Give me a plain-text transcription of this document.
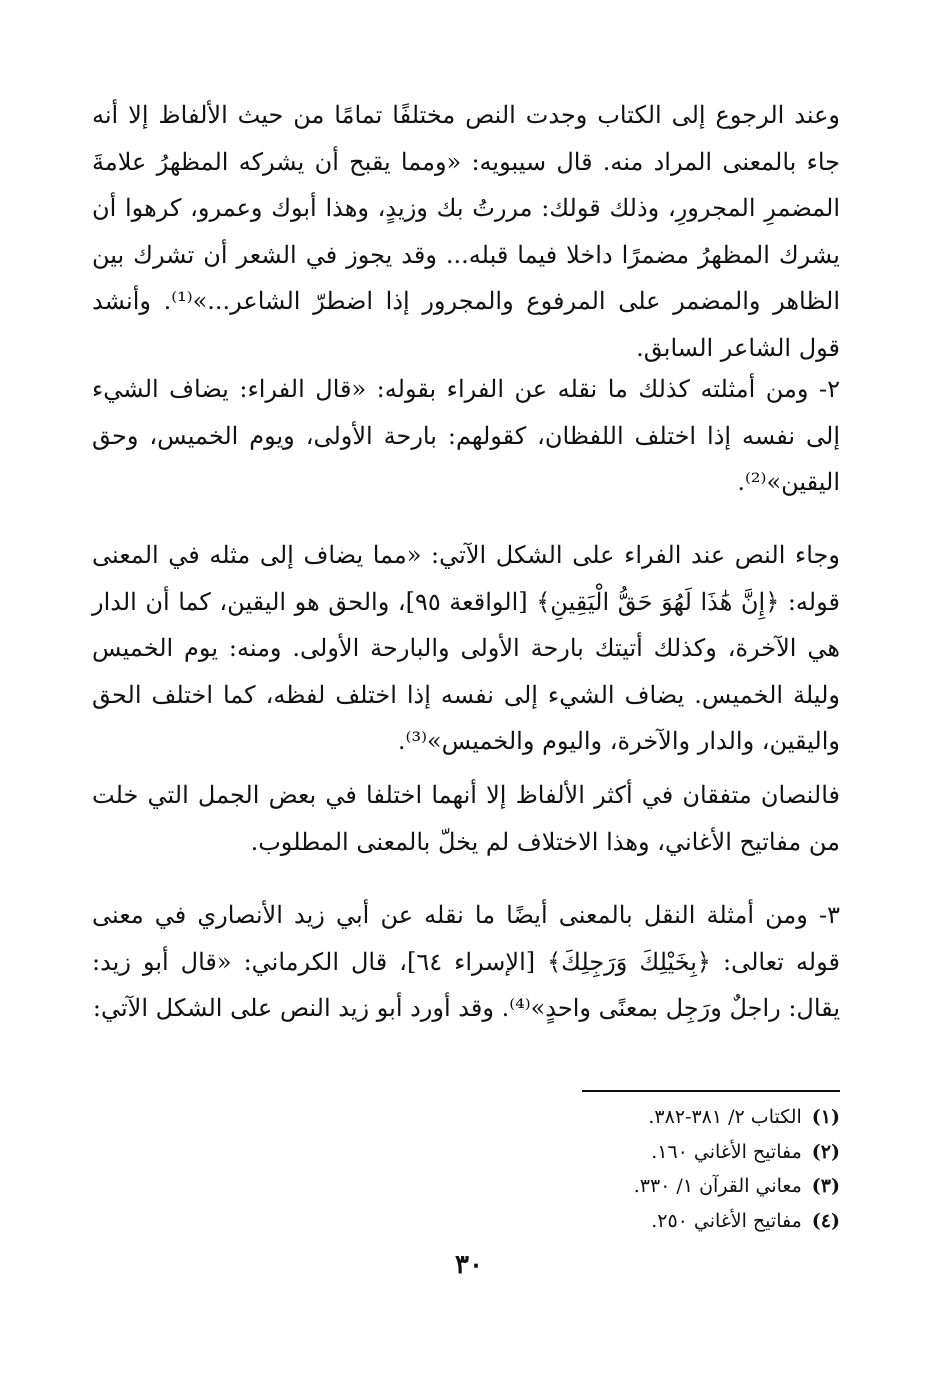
وعند الرجوع إلى الكتاب وجدت النص مختلفًا تمامًا من حيث الألفاظ إلا أنه جاء بالمعنى المراد منه. قال سيبويه: «ومما يقبح أن يشركه المظهرُ علامةَ المضمرِ المجرورِ، وذلك قولك: مررتُ بك وزيدٍ، وهذا أبوك وعمرو، كرهوا أن يشرك المظهرُ مضمرًا داخلا فيما قبله... وقد يجوز في الشعر أن تشرك بين الظاهر والمضمر على المرفوع والمجرور إذا اضطرّ الشاعر...»⁽¹⁾. وأنشد قول الشاعر السابق.

٢- ومن أمثلته كذلك ما نقله عن الفراء بقوله: «قال الفراء: يضاف الشيء إلى نفسه إذا اختلف اللفظان، كقولهم: بارحة الأولى، ويوم الخميس، وحق اليقين»⁽²⁾.

وجاء النص عند الفراء على الشكل الآتي: «مما يضاف إلى مثله في المعنى قوله: ﴿إِنَّ هَٰذَا لَهُوَ حَقُّ الْيَقِينِ﴾ [الواقعة ٩٥]، والحق هو اليقين، كما أن الدار هي الآخرة، وكذلك أتيتك بارحة الأولى والبارحة الأولى. ومنه: يوم الخميس وليلة الخميس. يضاف الشيء إلى نفسه إذا اختلف لفظه، كما اختلف الحق واليقين، والدار والآخرة، واليوم والخميس»⁽³⁾.

فالنصان متفقان في أكثر الألفاظ إلا أنهما اختلفا في بعض الجمل التي خلت من مفاتيح الأغاني، وهذا الاختلاف لم يخلّ بالمعنى المطلوب.

٣- ومن أمثلة النقل بالمعنى أيضًا ما نقله عن أبي زيد الأنصاري في معنى قوله تعالى: ﴿بِخَيْلِكَ وَرَجِلِكَ﴾ [الإسراء ٦٤]، قال الكرماني: «قال أبو زيد: يقال: راجلٌ ورَجِل بمعنًى واحدٍ»⁽⁴⁾. وقد أورد أبو زيد النص على الشكل الآتي:

(١)الكتاب ٢/ ٣٨١-٣٨٢.
(٢)مفاتيح الأغاني ١٦٠.
(٣)معاني القرآن ١/ ٣٣٠.
(٤)مفاتيح الأغاني ٢٥٠.
٣٠
